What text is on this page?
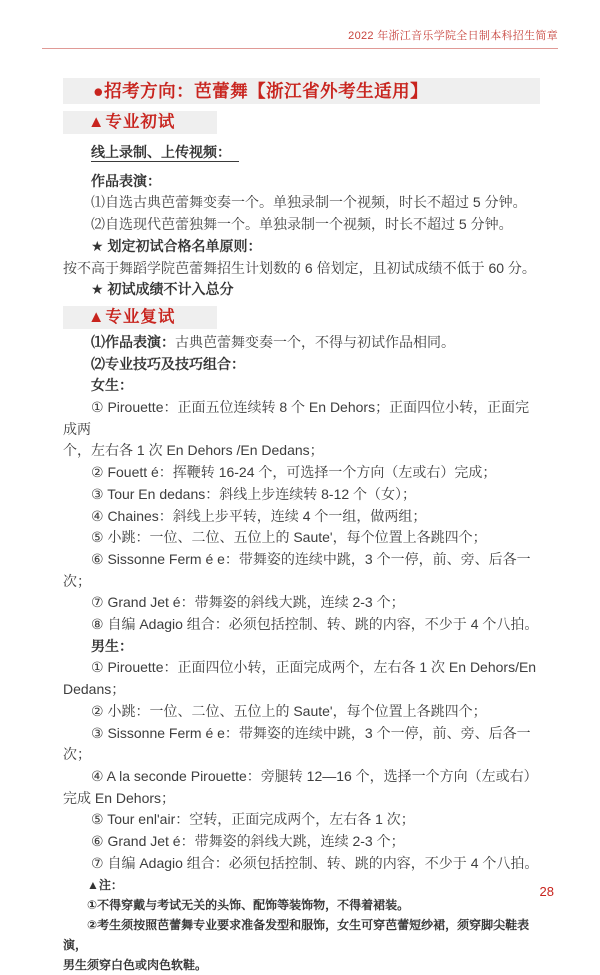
2022 年浙江音乐学院全日制本科招生简章
●招考方向：芭蕾舞【浙江省外考生适用】
▲专业初试
线上录制、上传视频：
作品表演：
⑴自选古典芭蕾舞变奏一个。单独录制一个视频，时长不超过 5 分钟。
⑵自选现代芭蕾独舞一个。单独录制一个视频，时长不超过 5 分钟。
★ 划定初试合格名单原则：
按不高于舞蹈学院芭蕾舞招生计划数的 6 倍划定，且初试成绩不低于 60 分。
★ 初试成绩不计入总分
▲专业复试
⑴作品表演：古典芭蕾舞变奏一个，不得与初试作品相同。
⑵专业技巧及技巧组合：
女生：
① Pirouette：正面五位连续转 8 个 En Dehors；正面四位小转，正面完成两
个，左右各 1 次 En Dehors /En Dedans；
② Fouett é：挥鞭转 16-24 个，可选择一个方向（左或右）完成；
③ Tour En dedans：斜线上步连续转 8-12 个（女）；
④ Chaines：斜线上步平转，连续 4 个一组，做两组；
⑤ 小跳：一位、二位、五位上的 Saute'，每个位置上各跳四个；
⑥ Sissonne Ferm é e：带舞姿的连续中跳，3 个一停，前、旁、后各一次；
⑦ Grand Jet é：带舞姿的斜线大跳，连续 2-3 个；
⑧ 自编 Adagio 组合：必须包括控制、转、跳的内容，不少于 4 个八拍。
男生：
① Pirouette：正面四位小转，正面完成两个，左右各 1 次 En Dehors/En
Dedans；
② 小跳：一位、二位、五位上的 Saute'，每个位置上各跳四个；
③ Sissonne Ferm é e：带舞姿的连续中跳，3 个一停，前、旁、后各一次；
④ A la seconde Pirouette：旁腿转 12—16 个，选择一个方向（左或右）
完成 En Dehors；
⑤ Tour enl'air：空转，正面完成两个，左右各 1 次；
⑥ Grand Jet é：带舞姿的斜线大跳，连续 2-3 个；
⑦ 自编 Adagio 组合：必须包括控制、转、跳的内容，不少于 4 个八拍。
▲注：
①不得穿戴与考试无关的头饰、配饰等装饰物，不得着裙装。
②考生须按照芭蕾舞专业要求准备发型和服饰，女生可穿芭蕾短纱裙，须穿脚尖鞋表演，
男生须穿白色或肉色软鞋。
28
